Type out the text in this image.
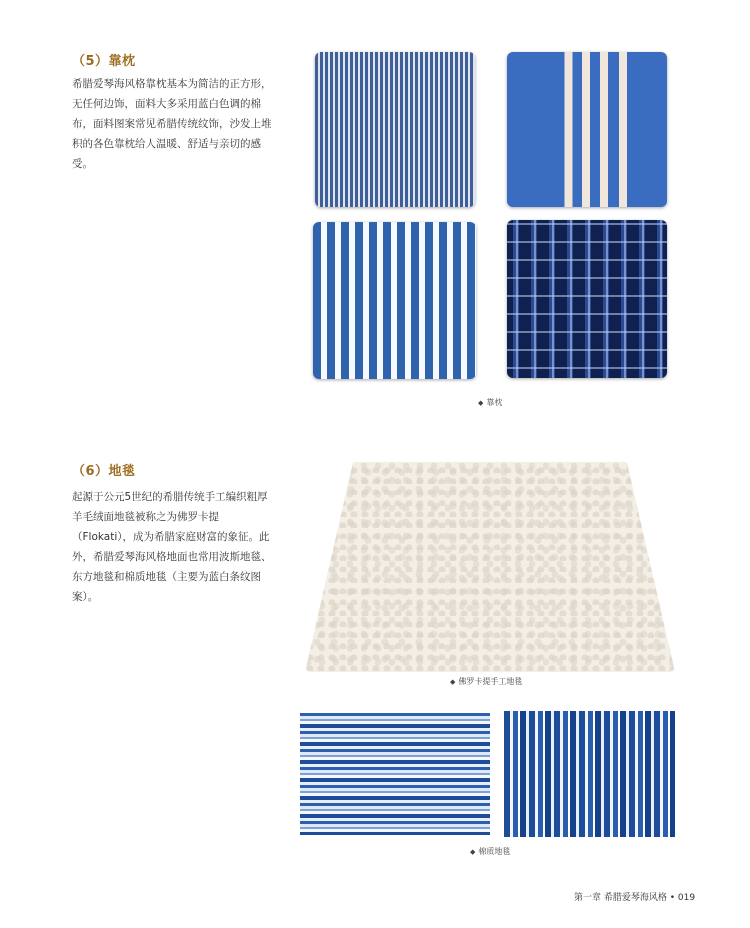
（5）靠枕
希腊爱琴海风格靠枕基本为简洁的正方形，无任何边饰，面料大多采用蓝白色调的棉布，面料图案常见希腊传统纹饰，沙发上堆积的各色靠枕给人温暖、舒适与亲切的感受。
◆ 靠枕
（6）地毯
起源于公元5世纪的希腊传统手工编织粗厚羊毛绒面地毯被称之为佛罗卡提（Flokati），成为希腊家庭财富的象征。此外，希腊爱琴海风格地面也常用波斯地毯、东方地毯和棉质地毯（主要为蓝白条纹图案）。
◆ 佛罗卡提手工地毯
◆ 棉质地毯
第一章 希腊爱琴海风格 • 019
